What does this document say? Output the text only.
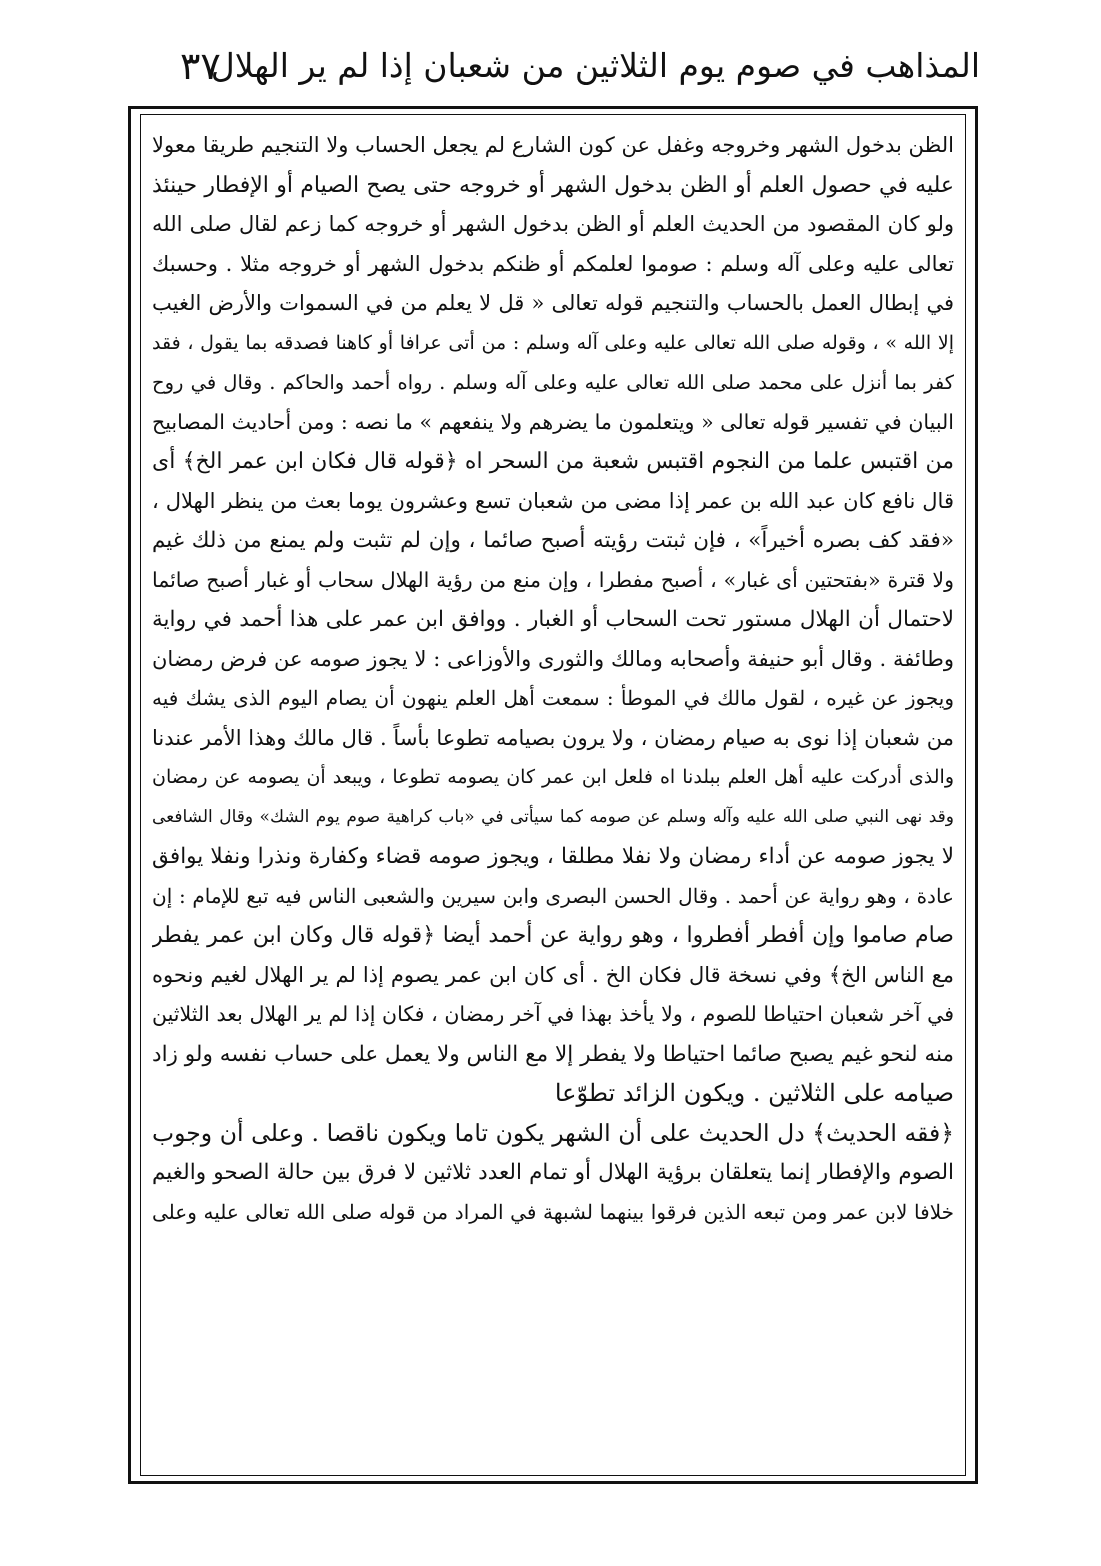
المذاهب في صوم يوم الثلاثين من شعبان إذا لم ير الهلال
٣٧
الظن بدخول الشهر وخروجه وغفل عن كون الشارع لم يجعل الحساب ولا التنجيم طريقا معولا
عليه في حصول العلم أو الظن بدخول الشهر أو خروجه حتى يصح الصيام أو الإفطار حينئذ
ولو كان المقصود من الحديث العلم أو الظن بدخول الشهر أو خروجه كما زعم لقال صلى الله
تعالى عليه وعلى آله وسلم : صوموا لعلمكم أو ظنكم بدخول الشهر أو خروجه مثلا . وحسبك
في إبطال العمل بالحساب والتنجيم قوله تعالى « قل لا يعلم من في السموات والأرض الغيب
إلا الله » ، وقوله صلى الله تعالى عليه وعلى آله وسلم : من أتى عرافا أو كاهنا فصدقه بما يقول ، فقد
كفر بما أنزل على محمد صلى الله تعالى عليه وعلى آله وسلم . رواه أحمد والحاكم . وقال في روح
البيان في تفسير قوله تعالى « ويتعلمون ما يضرهم ولا ينفعهم » ما نصه : ومن أحاديث المصابيح
من اقتبس علما من النجوم اقتبس شعبة من السحر اه ﴿قوله قال فكان ابن عمر الخ﴾ أى
قال نافع كان عبد الله بن عمر إذا مضى من شعبان تسع وعشرون يوما بعث من ينظر الهلال ،
«فقد كف بصره أخيراً» ، فإن ثبتت رؤيته أصبح صائما ، وإن لم تثبت ولم يمنع من ذلك غيم
ولا قترة «بفتحتين أى غبار» ، أصبح مفطرا ، وإن منع من رؤية الهلال سحاب أو غبار أصبح صائما
لاحتمال أن الهلال مستور تحت السحاب أو الغبار . ووافق ابن عمر على هذا أحمد في رواية
وطائفة . وقال أبو حنيفة وأصحابه ومالك والثورى والأوزاعى : لا يجوز صومه عن فرض رمضان
ويجوز عن غيره ، لقول مالك في الموطأ : سمعت أهل العلم ينهون أن يصام اليوم الذى يشك فيه
من شعبان إذا نوى به صيام رمضان ، ولا يرون بصيامه تطوعا بأساً . قال مالك وهذا الأمر عندنا
والذى أدركت عليه أهل العلم ببلدنا اه فلعل ابن عمر كان يصومه تطوعا ، ويبعد أن يصومه عن رمضان
وقد نهى النبي صلى الله عليه وآله وسلم عن صومه كما سيأتى في «باب كراهية صوم يوم الشك» وقال الشافعى
لا يجوز صومه عن أداء رمضان ولا نفلا مطلقا ، ويجوز صومه قضاء وكفارة ونذرا ونفلا يوافق
عادة ، وهو رواية عن أحمد . وقال الحسن البصرى وابن سيرين والشعبى الناس فيه تبع للإمام : إن
صام صاموا وإن أفطر أفطروا ، وهو رواية عن أحمد أيضا ﴿قوله قال وكان ابن عمر يفطر
مع الناس الخ﴾ وفي نسخة قال فكان الخ . أى كان ابن عمر يصوم إذا لم ير الهلال لغيم ونحوه
في آخر شعبان احتياطا للصوم ، ولا يأخذ بهذا في آخر رمضان ، فكان إذا لم ير الهلال بعد الثلاثين
منه لنحو غيم يصبح صائما احتياطا ولا يفطر إلا مع الناس ولا يعمل على حساب نفسه ولو زاد
صيامه على الثلاثين . ويكون الزائد تطوّعا
﴿فقه الحديث﴾ دل الحديث على أن الشهر يكون تاما ويكون ناقصا . وعلى أن وجوب
الصوم والإفطار إنما يتعلقان برؤية الهلال أو تمام العدد ثلاثين لا فرق بين حالة الصحو والغيم
خلافا لابن عمر ومن تبعه الذين فرقوا بينهما لشبهة في المراد من قوله صلى الله تعالى عليه وعلى
